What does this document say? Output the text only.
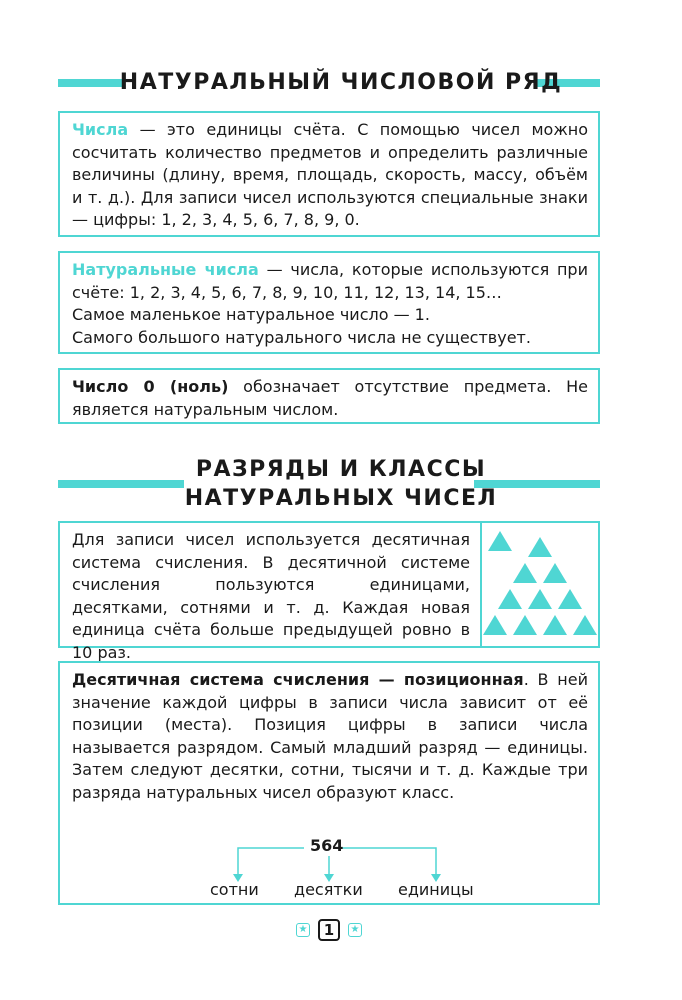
НАТУРАЛЬНЫЙ ЧИСЛОВОЙ РЯД

Числа — это единицы счёта. С помощью чисел можно сосчитать количество предметов и определить различные величины (длину, время, площадь, скорость, массу, объём и т. д.). Для записи чисел используются специальные знаки — цифры: 1, 2, 3, 4, 5, 6, 7, 8, 9, 0.

Натуральные числа — числа, которые используются при счёте: 1, 2, 3, 4, 5, 6, 7, 8, 9, 10, 11, 12, 13, 14, 15…

Самое маленькое натуральное число — 1.

Самого большого натурального числа не существует.

Число 0 (ноль) обозначает отсутствие предмета. Не является натуральным числом.

РАЗРЯДЫ И КЛАССЫ
НАТУРАЛЬНЫХ ЧИСЕЛ

Для записи чисел используется десятичная система счисления. В десятичной системе счисления пользуются единицами, десятками, сотнями и т. д. Каждая новая единица счёта больше предыдущей ровно в 10 раз.

Десятичная система счисления — позиционная. В ней значение каждой цифры в записи числа зависит от её позиции (места). Позиция цифры в записи числа называется разрядом. Самый младший разряд — единицы. Затем следуют десятки, сотни, тысячи и т. д. Каждые три разряда натуральных чисел образуют класс.

564
сотни десятки единицы
★	1	★
